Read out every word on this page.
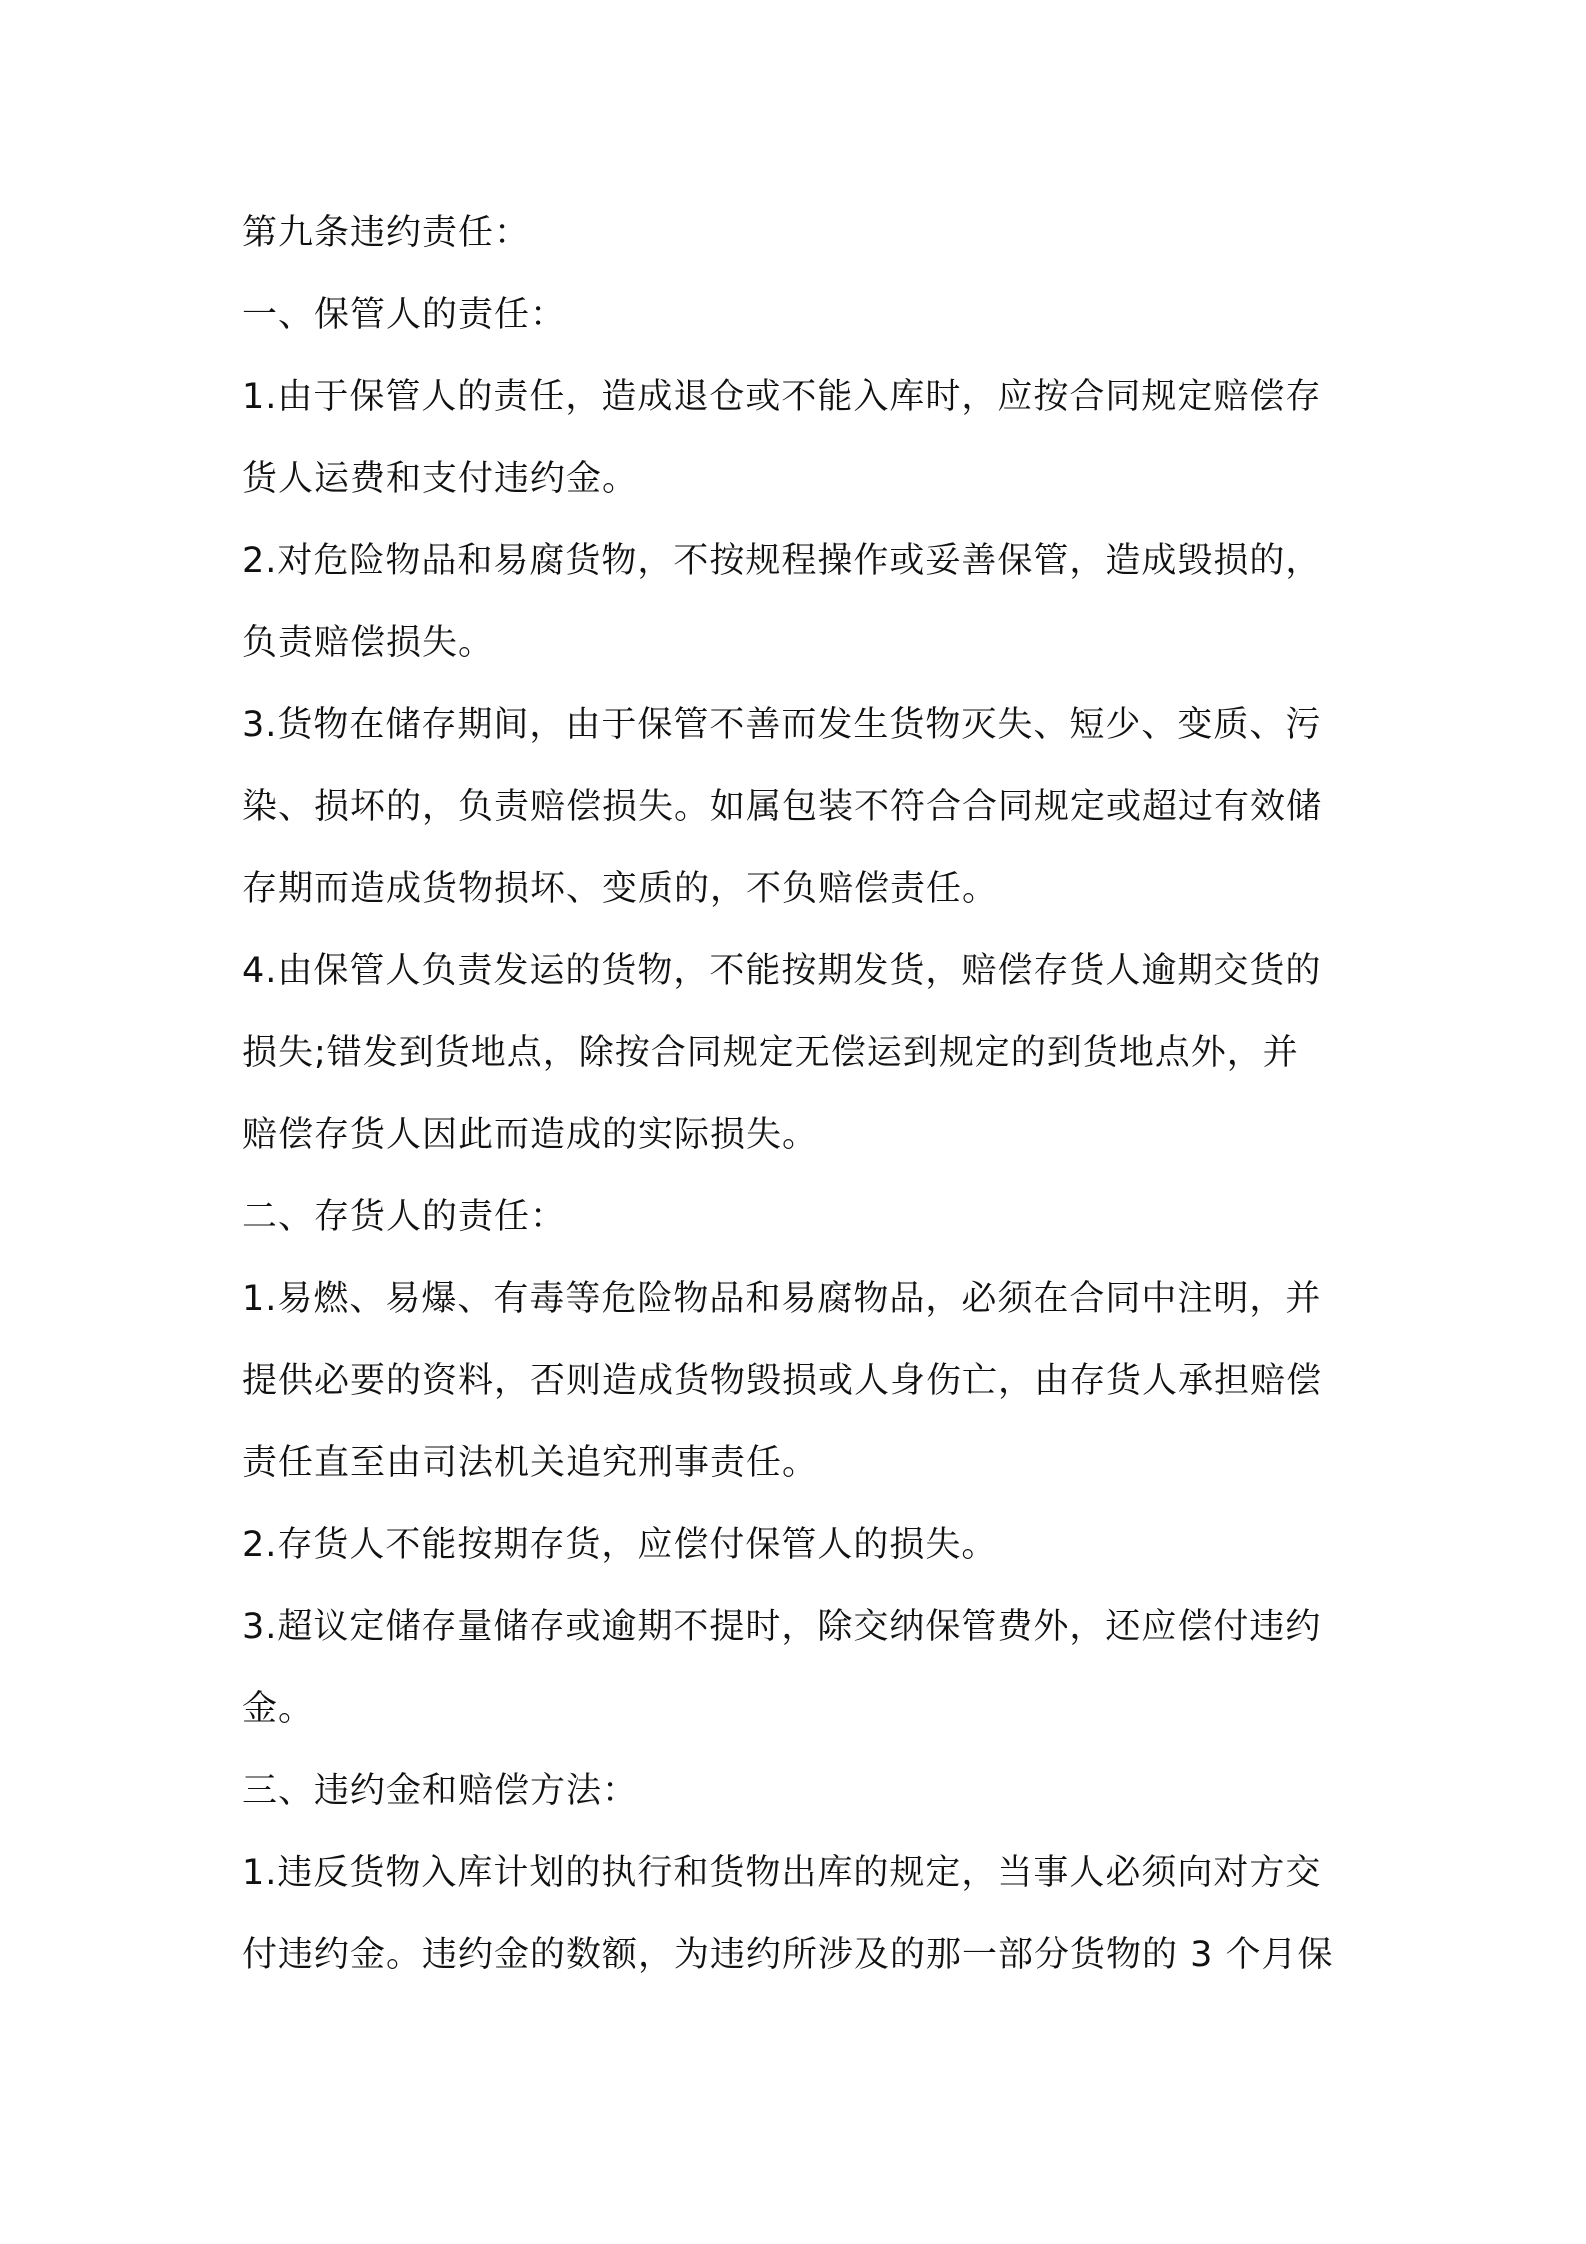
第九条违约责任：
一、保管人的责任：
1.由于保管人的责任，造成退仓或不能入库时，应按合同规定赔偿存
货人运费和支付违约金。
2.对危险物品和易腐货物，不按规程操作或妥善保管，造成毁损的，
负责赔偿损失。
3.货物在储存期间，由于保管不善而发生货物灭失、短少、变质、污
染、损坏的，负责赔偿损失。如属包装不符合合同规定或超过有效储
存期而造成货物损坏、变质的，不负赔偿责任。
4.由保管人负责发运的货物，不能按期发货，赔偿存货人逾期交货的
损失;错发到货地点，除按合同规定无偿运到规定的到货地点外，并
赔偿存货人因此而造成的实际损失。
二、存货人的责任：
1.易燃、易爆、有毒等危险物品和易腐物品，必须在合同中注明，并
提供必要的资料，否则造成货物毁损或人身伤亡，由存货人承担赔偿
责任直至由司法机关追究刑事责任。
2.存货人不能按期存货，应偿付保管人的损失。
3.超议定储存量储存或逾期不提时，除交纳保管费外，还应偿付违约
金。
三、违约金和赔偿方法：
1.违反货物入库计划的执行和货物出库的规定，当事人必须向对方交
付违约金。违约金的数额，为违约所涉及的那一部分货物的 3 个月保
